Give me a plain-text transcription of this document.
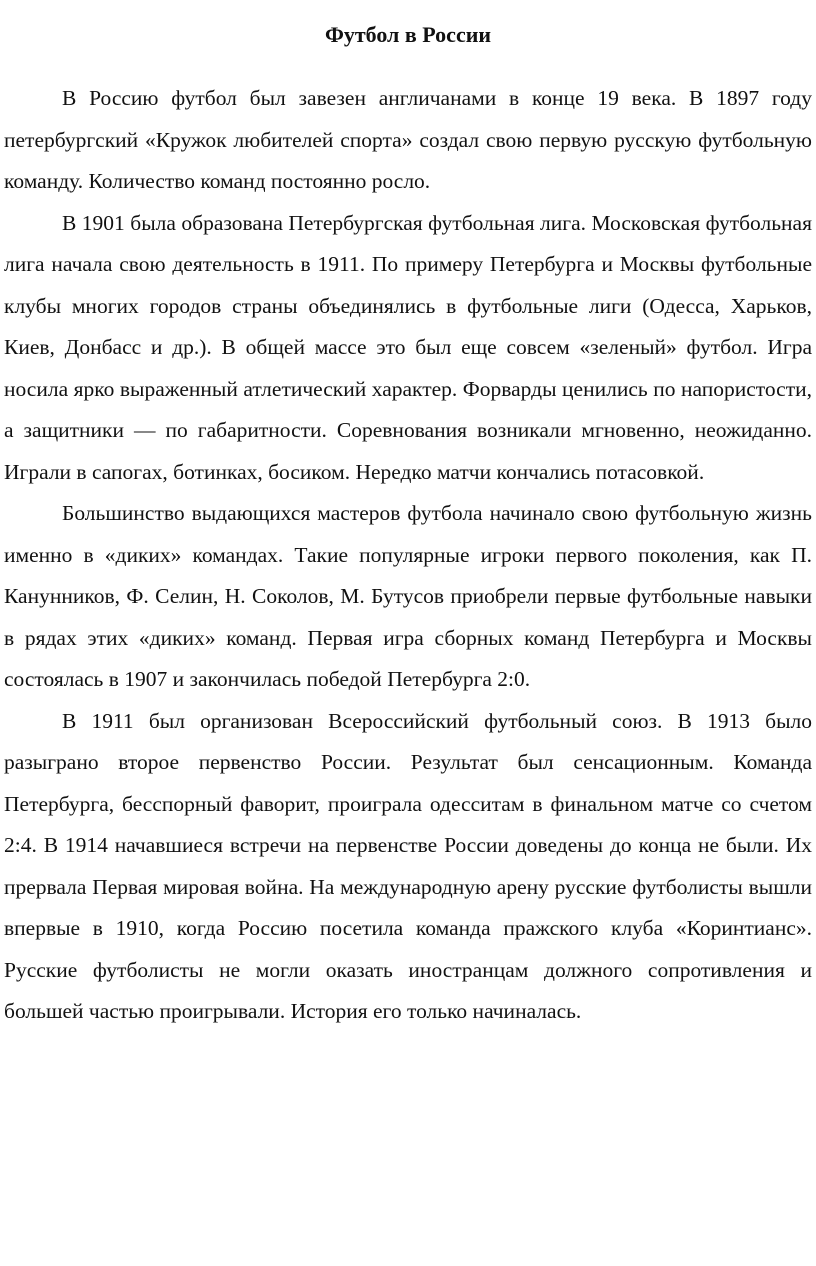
Футбол в России

В Россию футбол был завезен англичанами в конце 19 века. В 1897 году петербургский «Кружок любителей спорта» создал свою первую русскую футбольную команду. Количество команд постоянно росло.

В 1901 была образована Петербургская футбольная лига. Московская футбольная лига начала свою деятельность в 1911. По примеру Петербурга и Москвы футбольные клубы многих городов страны объединялись в футбольные лиги (Одесса, Харьков, Киев, Донбасс и др.). В общей массе это был еще совсем «зеленый» футбол. Игра носила ярко выраженный атлетический характер. Форварды ценились по напористости, а защитники — по габаритности. Соревнования возникали мгновенно, неожиданно. Играли в сапогах, ботинках, босиком. Нередко матчи кончались потасовкой.

Большинство выдающихся мастеров футбола начинало свою футбольную жизнь именно в «диких» командах. Такие популярные игроки первого поколения, как П. Канунников, Ф. Селин, Н. Соколов, М. Бутусов приобрели первые футбольные навыки в рядах этих «диких» команд. Первая игра сборных команд Петербурга и Москвы состоялась в 1907 и закончилась победой Петербурга 2:0.

В 1911 был организован Всероссийский футбольный союз. В 1913 было разыграно второе первенство России. Результат был сенсационным. Команда Петербурга, бесспорный фаворит, проиграла одесситам в финальном матче со счетом 2:4. В 1914 начавшиеся встречи на первенстве России доведены до конца не были. Их прервала Первая мировая война. На международную арену русские футболисты вышли впервые в 1910, когда Россию посетила команда пражского клуба «Коринтианс». Русские футболисты не могли оказать иностранцам должного сопротивления и большей частью проигрывали. История его только начиналась.
